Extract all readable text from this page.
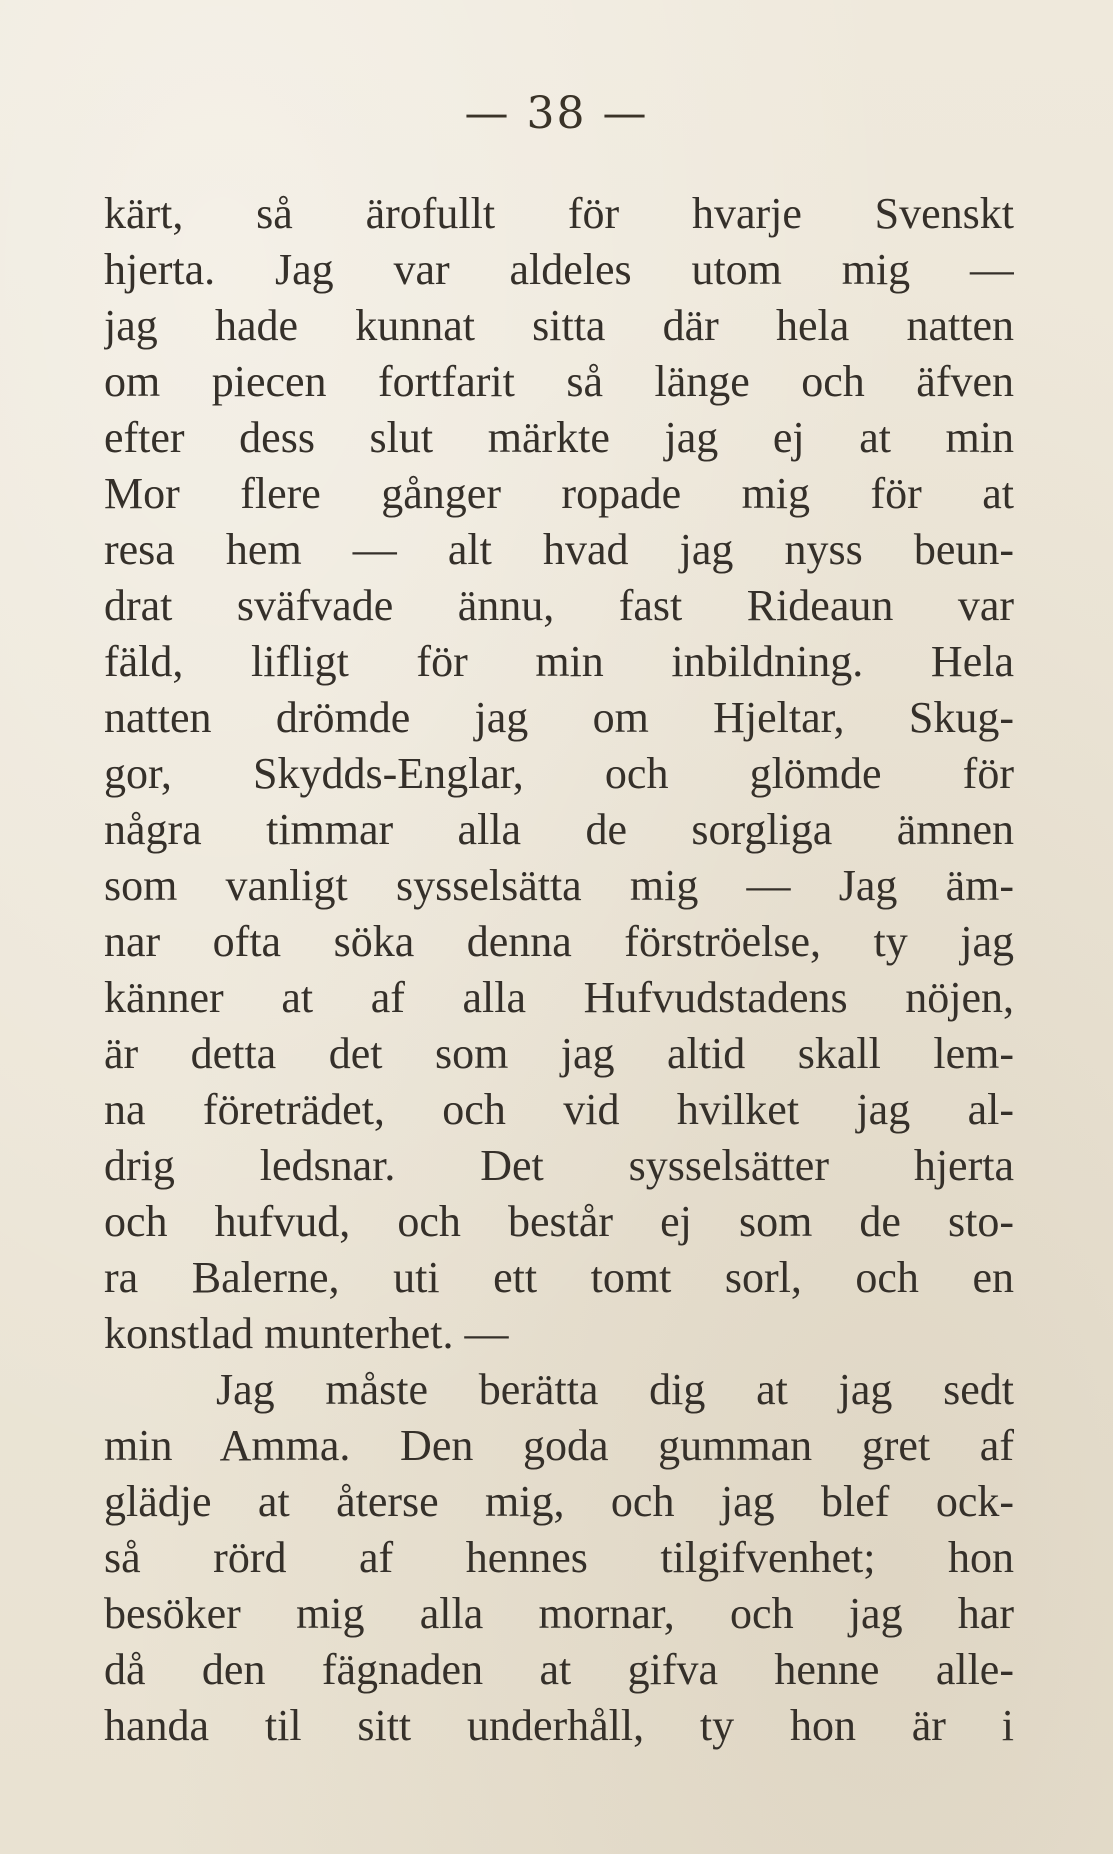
— 38 —
kärt, så ärofullt för hvarje Svenskt
hjerta. Jag var aldeles utom mig —
jag hade kunnat sitta där hela natten
om piecen fortfarit så länge och äfven
efter dess slut märkte jag ej at min
Mor flere gånger ropade mig för at
resa hem — alt hvad jag nyss beun-
drat sväfvade ännu, fast Rideaun var
fäld, lifligt för min inbildning. Hela
natten drömde jag om Hjeltar, Skug-
gor, Skydds-Englar, och glömde för
några timmar alla de sorgliga ämnen
som vanligt sysselsätta mig — Jag äm-
nar ofta söka denna förströelse, ty jag
känner at af alla Hufvudstadens nöjen,
är detta det som jag altid skall lem-
na företrädet, och vid hvilket jag al-
drig ledsnar. Det sysselsätter hjerta
och hufvud, och består ej som de sto-
ra Balerne, uti ett tomt sorl, och en
konstlad munterhet. —
Jag måste berätta dig at jag sedt
min Amma. Den goda gumman gret af
glädje at återse mig, och jag blef ock-
så rörd af hennes tilgifvenhet; hon
besöker mig alla mornar, och jag har
då den fägnaden at gifva henne alle-
handa til sitt underhåll, ty hon är i
